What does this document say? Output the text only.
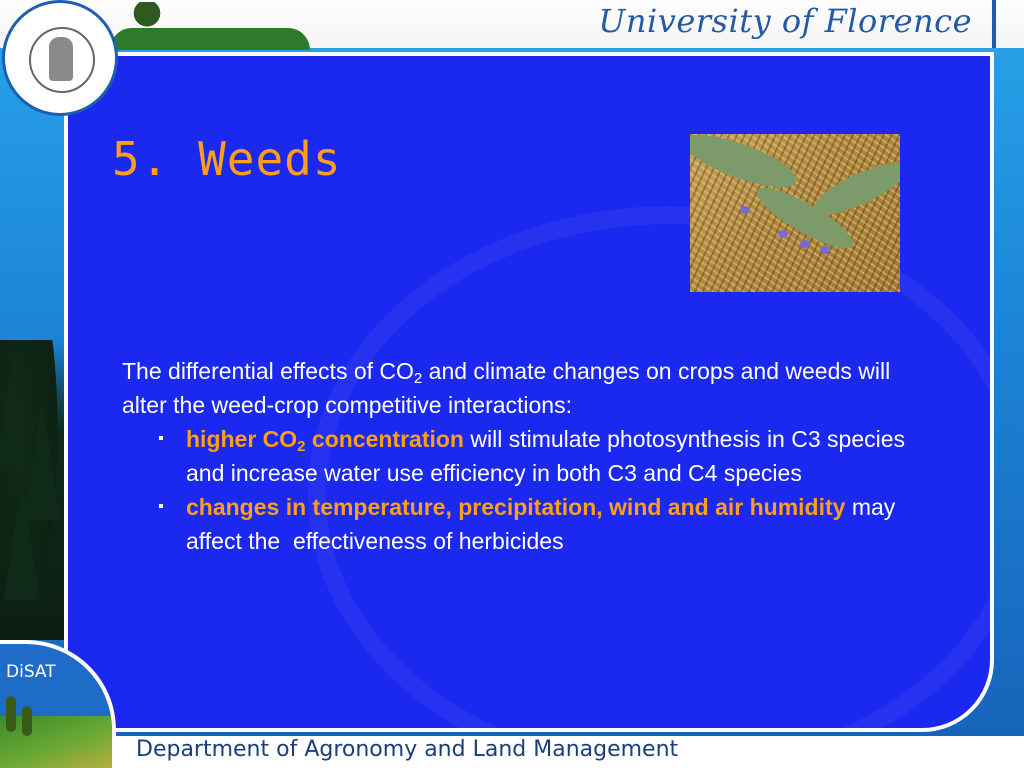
University of Florence
5. Weeds
The differential effects of $CO_2$ and climate changes on crops and weeds will alter the weed-crop competitive interactions:
▪ higher $CO_2$ concentration will stimulate photosynthesis in C3 species and increase water use efficiency in both C3 and C4 species
▪ changes in temperature, precipitation, wind and air humidity may affect the  effectiveness of herbicides
Department of Agronomy and Land Management
DiSAT
